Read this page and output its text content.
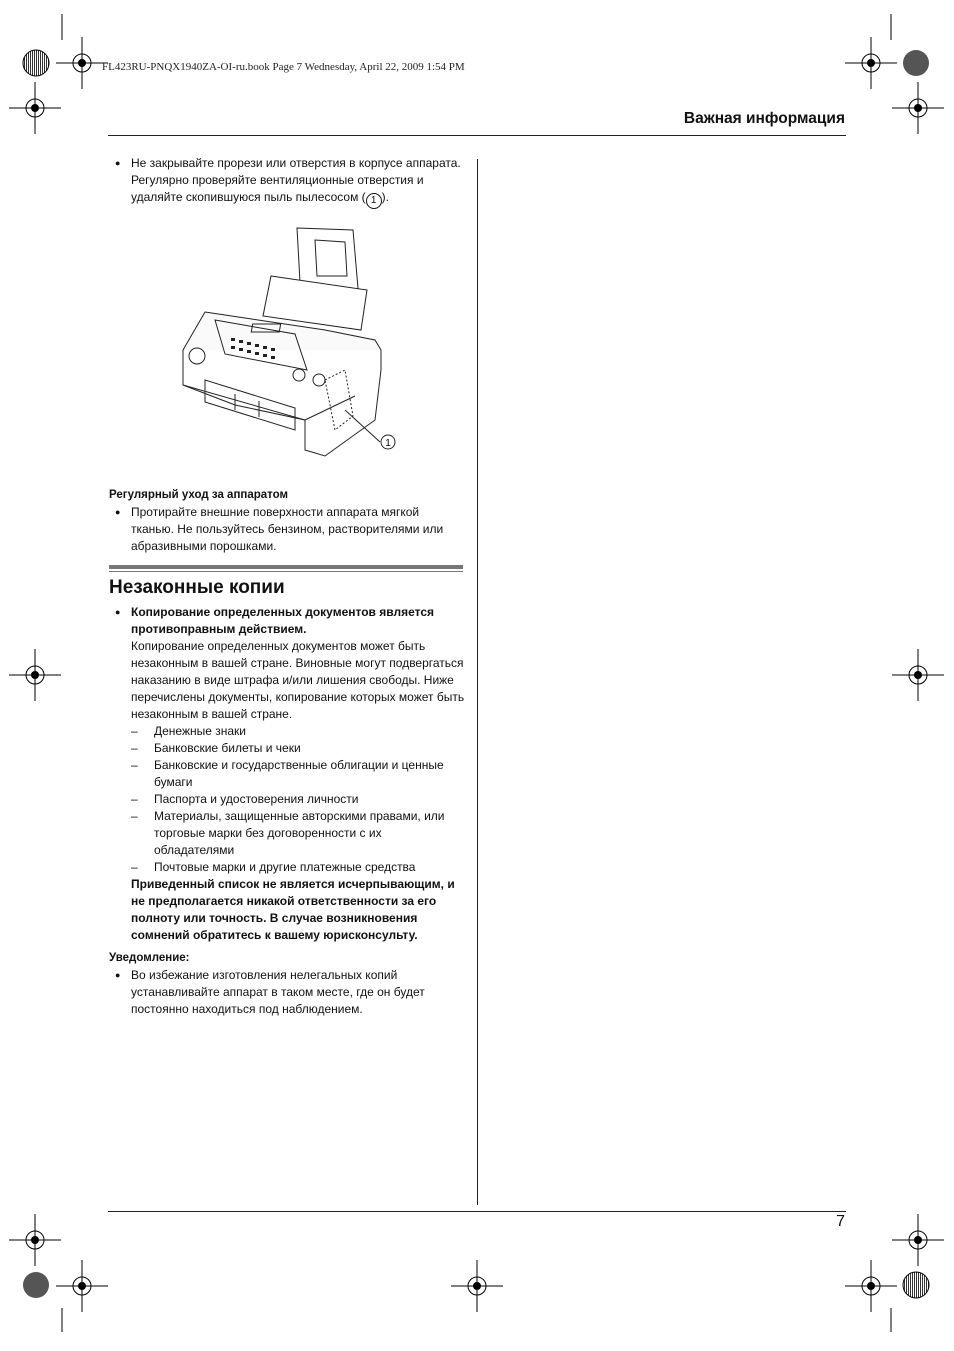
FL423RU-PNQX1940ZA-OI-ru.book Page 7 Wednesday, April 22, 2009 1:54 PM
Важная информация
● Не закрывайте прорези или отверстия в корпусе аппарата. Регулярно проверяйте вентиляционные отверстия и удаляйте скопившуюся пыль пылесосом ( 1 ).
1
Регулярный уход за аппаратом
● Протирайте внешние поверхности аппарата мягкой тканью. Не пользуйтесь бензином, растворителями или абразивными порошками.
Незаконные копии
● Копирование определенных документов является противоправным действием.
Копирование определенных документов может быть незаконным в вашей стране. Виновные могут подвергаться наказанию в виде штрафа и/или лишения свободы. Ниже перечислены документы, копирование которых может быть незаконным в вашей стране.
– Денежные знаки
– Банковские билеты и чеки
– Банковские и государственные облигации и ценные бумаги
– Паспорта и удостоверения личности
– Материалы, защищенные авторскими правами, или торговые марки без договоренности с их обладателями
– Почтовые марки и другие платежные средства
Приведенный список не является исчерпывающим, и не предполагается никакой ответственности за его полноту или точность. В случае возникновения сомнений обратитесь к вашему юрисконсульту.
Уведомление:
● Во избежание изготовления нелегальных копий устанавливайте аппарат в таком месте, где он будет постоянно находиться под наблюдением.
7
